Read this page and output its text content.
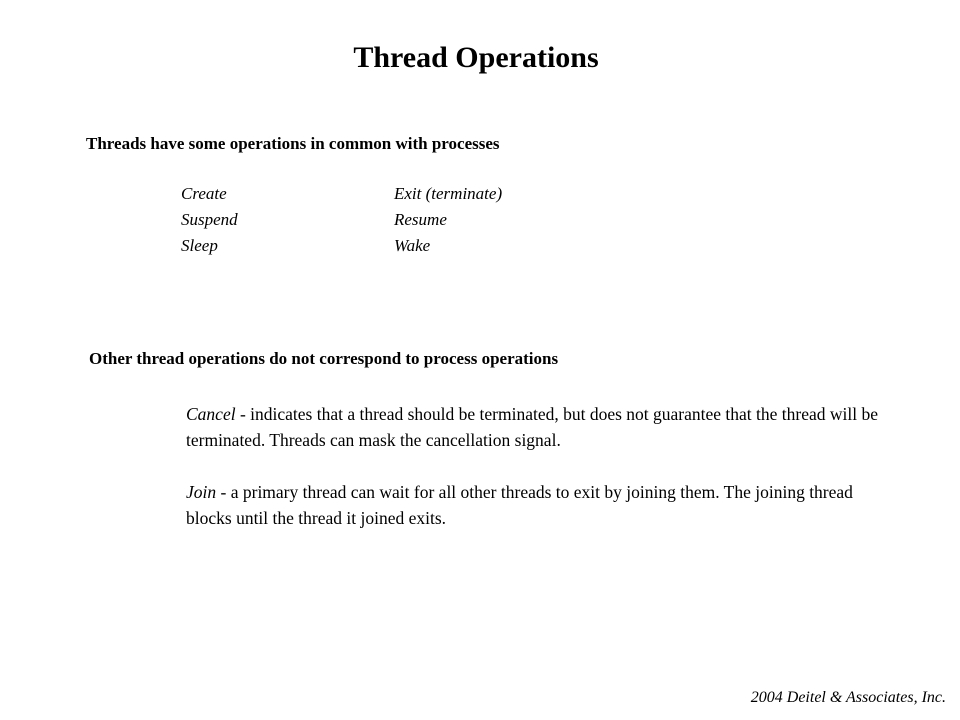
Thread Operations
Threads have some operations in common with processes
Create	Exit (terminate)
Suspend	Resume
Sleep	Wake
Other thread operations do not correspond to process operations
Cancel - indicates that a thread should be terminated, but does not guarantee that the thread will be terminated. Threads can mask the cancellation signal.
Join - a primary thread can wait for all other threads to exit by joining them. The joining thread blocks until the thread it joined exits.
2004 Deitel & Associates, Inc.
